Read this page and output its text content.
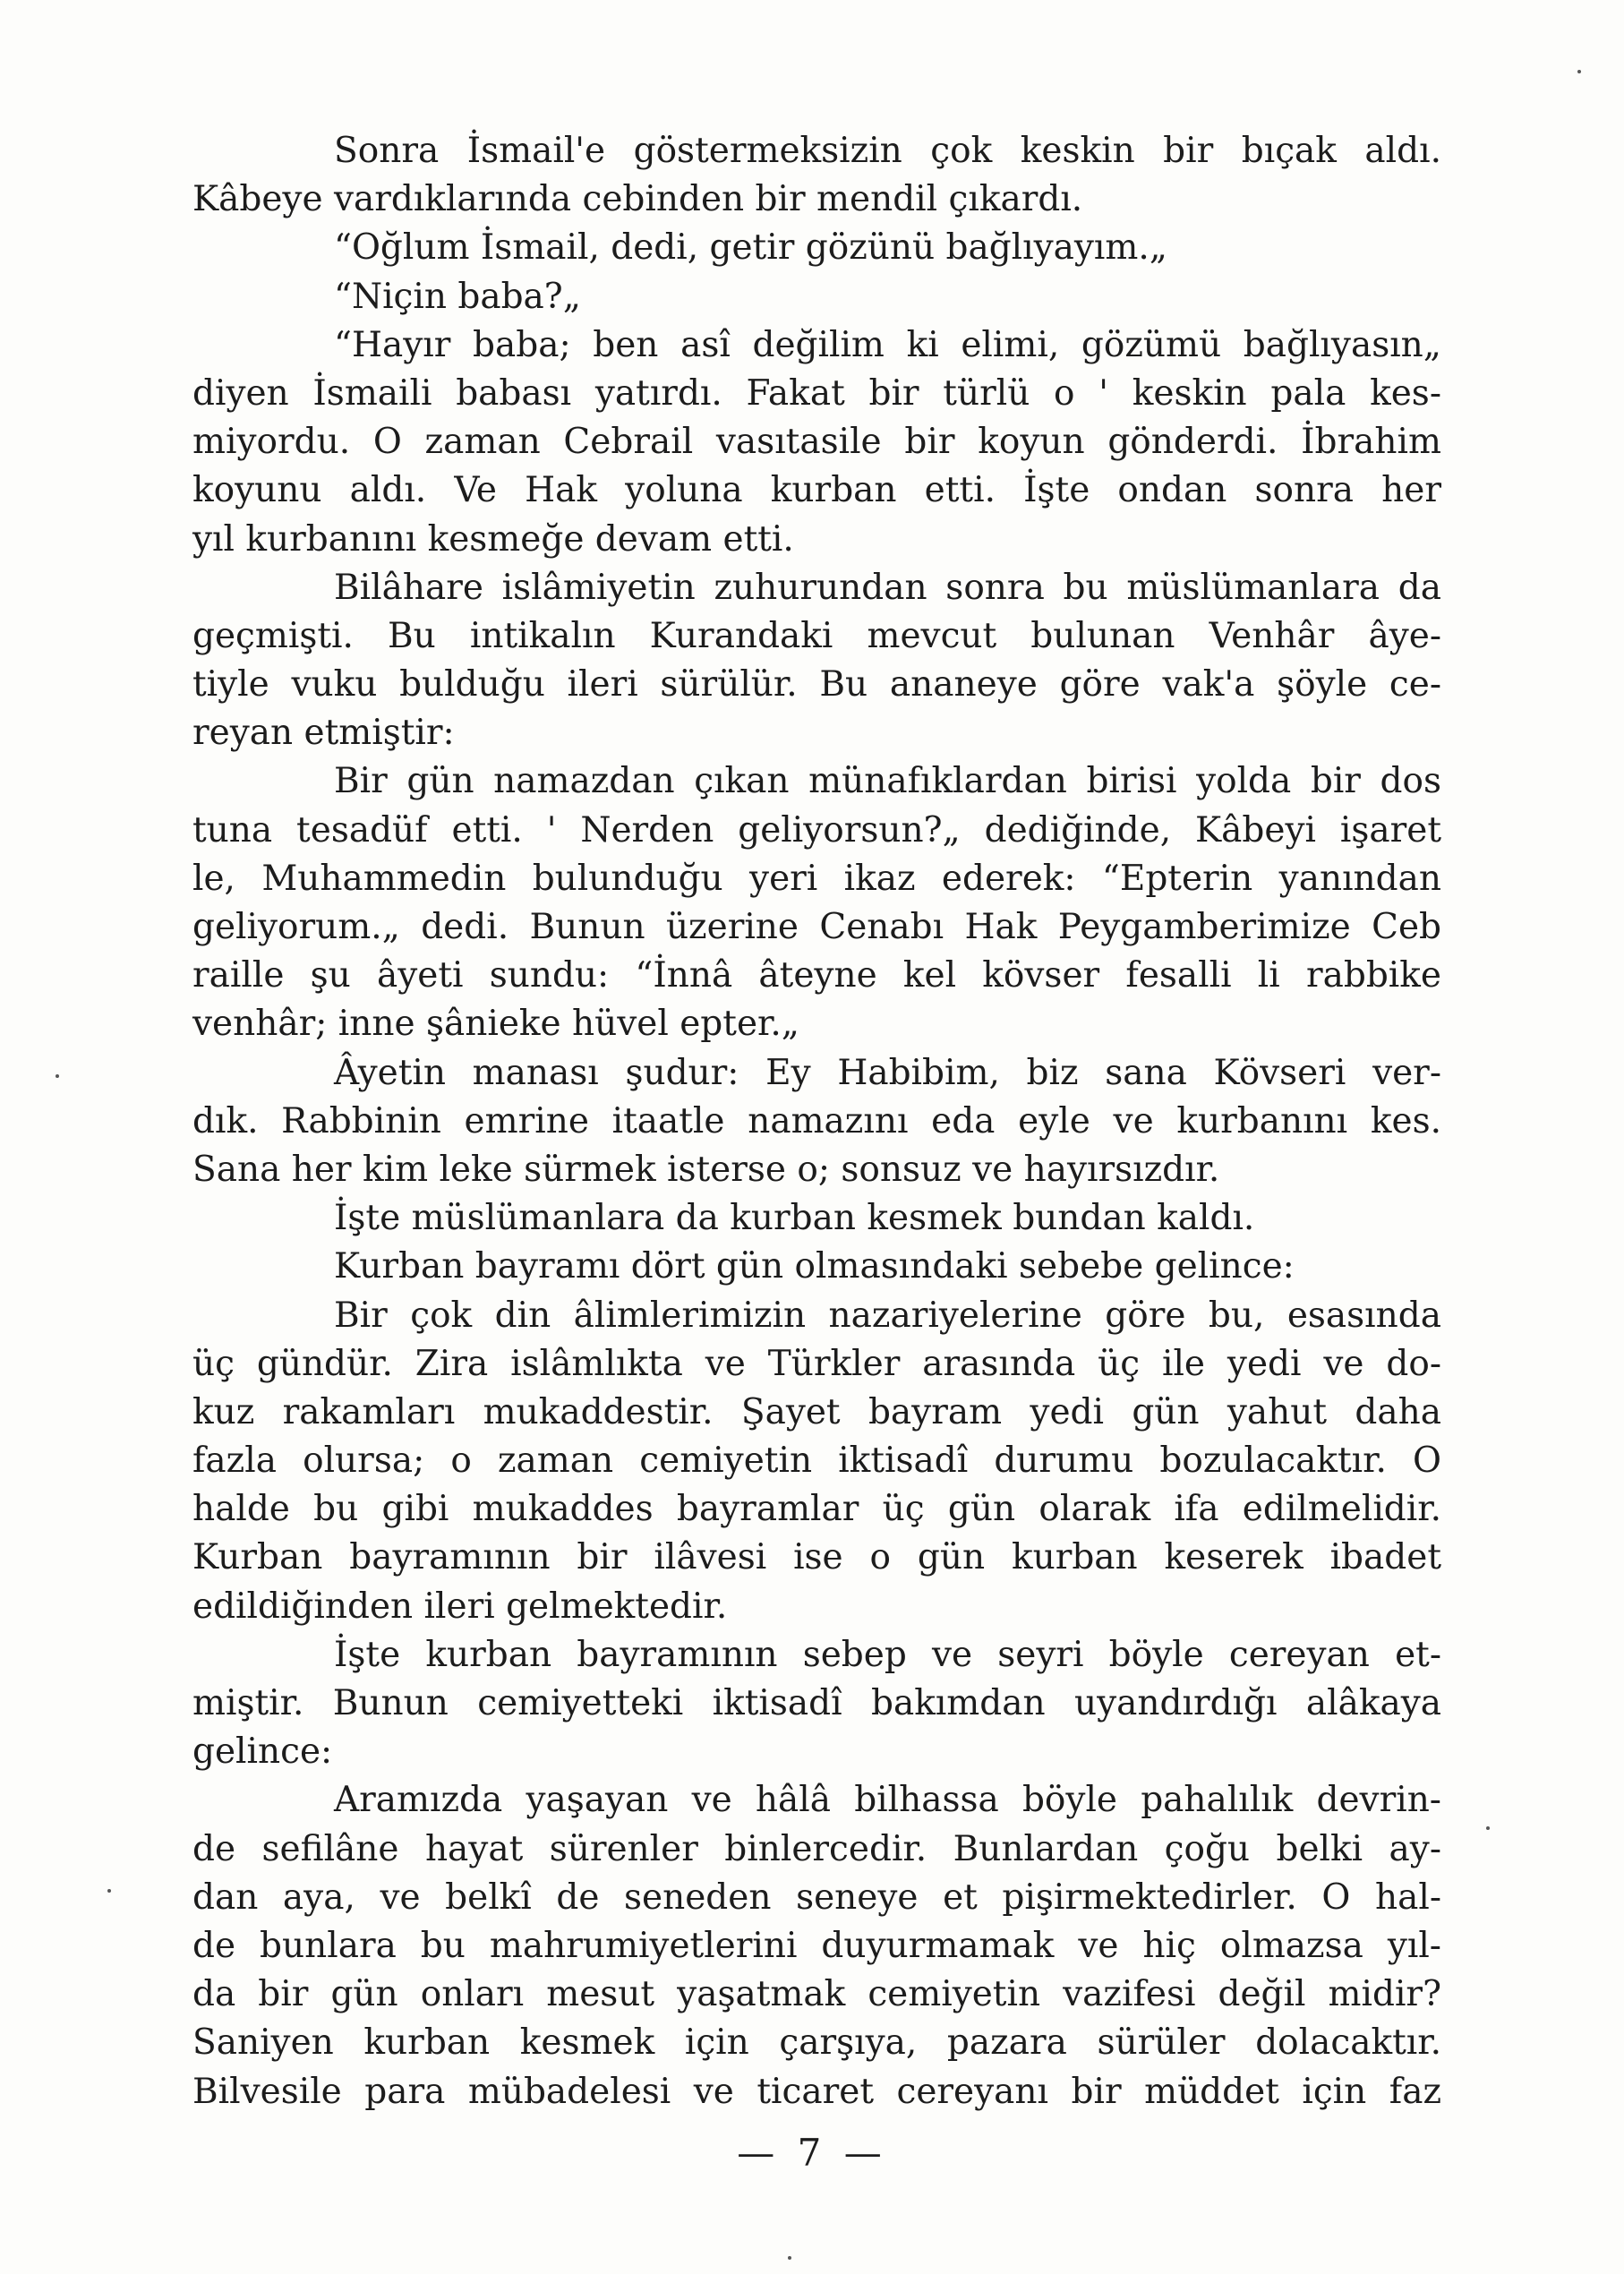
Sonra İsmail'e göstermeksizin çok keskin bir bıçak aldı.
Kâbeye vardıklarında cebinden bir mendil çıkardı.
“Oğlum İsmail, dedi, getir gözünü bağlıyayım.„
“Niçin baba?„
“Hayır baba; ben asî değilim ki elimi, gözümü bağlıyasın„
diyen İsmaili babası yatırdı. Fakat bir türlü o ' keskin pala kes-
miyordu. O zaman Cebrail vasıtasile bir koyun gönderdi. İbrahim
koyunu aldı. Ve Hak yoluna kurban etti. İşte ondan sonra her
yıl kurbanını kesmeğe devam etti.
Bilâhare islâmiyetin zuhurundan sonra bu müslümanlara da
geçmişti. Bu intikalın Kurandaki mevcut bulunan Venhâr âye-
tiyle vuku bulduğu ileri sürülür. Bu ananeye göre vak'a şöyle ce-
reyan etmiştir:
Bir gün namazdan çıkan münafıklardan birisi yolda bir dos
tuna tesadüf etti. ' Nerden geliyorsun?„ dediğinde, Kâbeyi işaret
le, Muhammedin bulunduğu yeri ikaz ederek: “Epterin yanından
geliyorum.„ dedi. Bunun üzerine Cenabı Hak Peygamberimize Ceb
raille şu âyeti sundu: “İnnâ âteyne kel kövser fesalli li rabbike
venhâr; inne şânieke hüvel epter.„
Âyetin manası şudur: Ey Habibim, biz sana Kövseri ver-
dık. Rabbinin emrine itaatle namazını eda eyle ve kurbanını kes.
Sana her kim leke sürmek isterse o; sonsuz ve hayırsızdır.
İşte müslümanlara da kurban kesmek bundan kaldı.
Kurban bayramı dört gün olmasındaki sebebe gelince:
Bir çok din âlimlerimizin nazariyelerine göre bu, esasında
üç gündür. Zira islâmlıkta ve Türkler arasında üç ile yedi ve do-
kuz rakamları mukaddestir. Şayet bayram yedi gün yahut daha
fazla olursa; o zaman cemiyetin iktisadî durumu bozulacaktır. O
halde bu gibi mukaddes bayramlar üç gün olarak ifa edilmelidir.
Kurban bayramının bir ilâvesi ise o gün kurban keserek ibadet
edildiğinden ileri gelmektedir.
İşte kurban bayramının sebep ve seyri böyle cereyan et-
miştir. Bunun cemiyetteki iktisadî bakımdan uyandırdığı alâkaya
gelince:
Aramızda yaşayan ve hâlâ bilhassa böyle pahalılık devrin-
de sefilâne hayat sürenler binlercedir. Bunlardan çoğu belki ay-
dan aya, ve belkî de seneden seneye et pişirmektedirler. O hal-
de bunlara bu mahrumiyetlerini duyurmamak ve hiç olmazsa yıl-
da bir gün onları mesut yaşatmak cemiyetin vazifesi değil midir?
Saniyen kurban kesmek için çarşıya, pazara sürüler dolacaktır.
Bilvesile para mübadelesi ve ticaret cereyanı bir müddet için faz
— 7 —
